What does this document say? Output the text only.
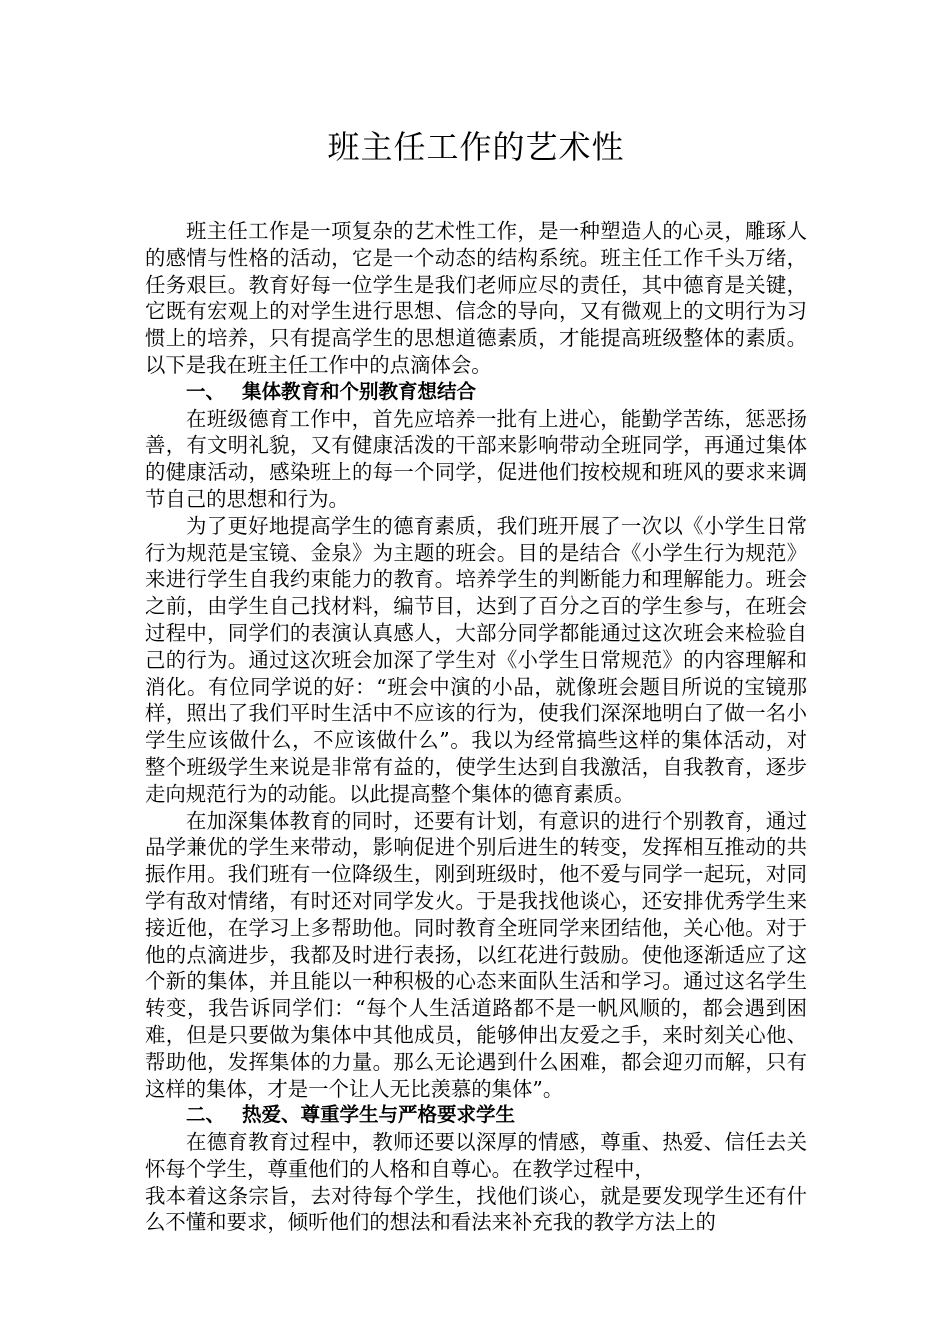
班主任工作的艺术性

班主任工作是一项复杂的艺术性工作，是一种塑造人的心灵，雕琢人的感情与性格的活动，它是一个动态的结构系统。班主任工作千头万绪，任务艰巨。教育好每一位学生是我们老师应尽的责任，其中德育是关键，它既有宏观上的对学生进行思想、信念的导向，又有微观上的文明行为习惯上的培养，只有提高学生的思想道德素质，才能提高班级整体的素质。以下是我在班主任工作中的点滴体会。

一、 集体教育和个别教育想结合

在班级德育工作中，首先应培养一批有上进心，能勤学苦练，惩恶扬善，有文明礼貌，又有健康活泼的干部来影响带动全班同学，再通过集体的健康活动，感染班上的每一个同学，促进他们按校规和班风的要求来调节自己的思想和行为。

为了更好地提高学生的德育素质，我们班开展了一次以《小学生日常行为规范是宝镜、金泉》为主题的班会。目的是结合《小学生行为规范》来进行学生自我约束能力的教育。培养学生的判断能力和理解能力。班会之前，由学生自己找材料，编节目，达到了百分之百的学生参与，在班会过程中，同学们的表演认真感人，大部分同学都能通过这次班会来检验自己的行为。通过这次班会加深了学生对《小学生日常规范》的内容理解和消化。有位同学说的好：“班会中演的小品，就像班会题目所说的宝镜那样，照出了我们平时生活中不应该的行为，使我们深深地明白了做一名小学生应该做什么，不应该做什么”。我以为经常搞些这样的集体活动，对整个班级学生来说是非常有益的，使学生达到自我激活，自我教育，逐步走向规范行为的动能。以此提高整个集体的德育素质。

在加深集体教育的同时，还要有计划，有意识的进行个别教育，通过品学兼优的学生来带动，影响促进个别后进生的转变，发挥相互推动的共振作用。我们班有一位降级生，刚到班级时，他不爱与同学一起玩，对同学有敌对情绪，有时还对同学发火。于是我找他谈心，还安排优秀学生来接近他，在学习上多帮助他。同时教育全班同学来团结他，关心他。对于他的点滴进步，我都及时进行表扬，以红花进行鼓励。使他逐渐适应了这个新的集体，并且能以一种积极的心态来面队生活和学习。通过这名学生转变，我告诉同学们：“每个人生活道路都不是一帆风顺的，都会遇到困难，但是只要做为集体中其他成员，能够伸出友爱之手，来时刻关心他、帮助他，发挥集体的力量。那么无论遇到什么困难，都会迎刃而解，只有这样的集体，才是一个让人无比羡慕的集体”。

二、 热爱、尊重学生与严格要求学生

在德育教育过程中，教师还要以深厚的情感，尊重、热爱、信任去关怀每个学生，尊重他们的人格和自尊心。在教学过程中，

我本着这条宗旨，去对待每个学生，找他们谈心，就是要发现学生还有什么不懂和要求，倾听他们的想法和看法来补充我的教学方法上的
